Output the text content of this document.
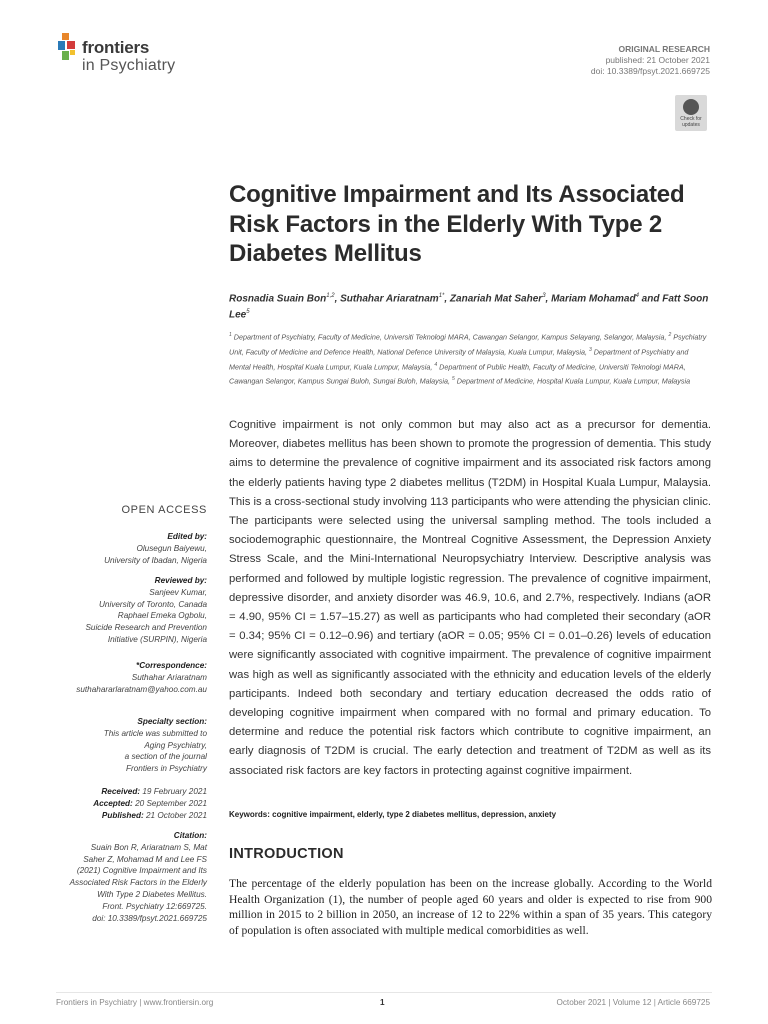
frontiers
in Psychiatry
ORIGINAL RESEARCH
published: 21 October 2021
doi: 10.3389/fpsyt.2021.669725
Check for updates
Cognitive Impairment and Its Associated Risk Factors in the Elderly With Type 2 Diabetes Mellitus
Rosnadia Suain Bon$^{1,2}$, Suthahar Ariaratnam$^{1*}$, Zanariah Mat Saher$^3$, Mariam Mohamad$^4$ and Fatt Soon Lee$^5$
$^1$ Department of Psychiatry, Faculty of Medicine, Universiti Teknologi MARA, Cawangan Selangor, Kampus Selayang, Selangor, Malaysia, $^2$ Psychiatry Unit, Faculty of Medicine and Defence Health, National Defence University of Malaysia, Kuala Lumpur, Malaysia, $^3$ Department of Psychiatry and Mental Health, Hospital Kuala Lumpur, Kuala Lumpur, Malaysia, $^4$ Department of Public Health, Faculty of Medicine, Universiti Teknologi MARA, Cawangan Selangor, Kampus Sungai Buloh, Sungai Buloh, Malaysia, $^5$ Department of Medicine, Hospital Kuala Lumpur, Kuala Lumpur, Malaysia
Cognitive impairment is not only common but may also act as a precursor for dementia. Moreover, diabetes mellitus has been shown to promote the progression of dementia. This study aims to determine the prevalence of cognitive impairment and its associated risk factors among the elderly patients having type 2 diabetes mellitus (T2DM) in Hospital Kuala Lumpur, Malaysia. This is a cross-sectional study involving 113 participants who were attending the physician clinic. The participants were selected using the universal sampling method. The tools included a sociodemographic questionnaire, the Montreal Cognitive Assessment, the Depression Anxiety Stress Scale, and the Mini-International Neuropsychiatry Interview. Descriptive analysis was performed and followed by multiple logistic regression. The prevalence of cognitive impairment, depressive disorder, and anxiety disorder was 46.9, 10.6, and 2.7%, respectively. Indians (aOR = 4.90, 95% CI = 1.57–15.27) as well as participants who had completed their secondary (aOR = 0.34; 95% CI = 0.12–0.96) and tertiary (aOR = 0.05; 95% CI = 0.01–0.26) levels of education were significantly associated with cognitive impairment. The prevalence of cognitive impairment was high as well as significantly associated with the ethnicity and education levels of the elderly participants. Indeed both secondary and tertiary education decreased the odds ratio of developing cognitive impairment when compared with no formal and primary education. To determine and reduce the potential risk factors which contribute to cognitive impairment, an early diagnosis of T2DM is crucial. The early detection and treatment of T2DM as well as its associated risk factors are key factors in protecting against cognitive impairment.
Keywords: cognitive impairment, elderly, type 2 diabetes mellitus, depression, anxiety
INTRODUCTION
The percentage of the elderly population has been on the increase globally. According to the World Health Organization (1), the number of people aged 60 years and older is expected to rise from 900 million in 2015 to 2 billion in 2050, an increase of 12 to 22% within a span of 35 years. This category of population is often associated with multiple medical comorbidities as well.
OPEN ACCESS
Edited by:
Olusegun Baiyewu,
University of Ibadan, Nigeria
Reviewed by:
Sanjeev Kumar,
University of Toronto, Canada
Raphael Emeka Ogbolu,
Suicide Research and Prevention
Initiative (SURPIN), Nigeria
*Correspondence:
Suthahar Ariaratnam
suthahararlaratnam@yahoo.com.au
Specialty section:
This article was submitted to
Aging Psychiatry,
a section of the journal
Frontiers in Psychiatry
Received: 19 February 2021
Accepted: 20 September 2021
Published: 21 October 2021
Citation:
Suain Bon R, Ariaratnam S, Mat
Saher Z, Mohamad M and Lee FS
(2021) Cognitive Impairment and Its
Associated Risk Factors in the Elderly
With Type 2 Diabetes Mellitus.
Front. Psychiatry 12:669725.
doi: 10.3389/fpsyt.2021.669725
Frontiers in Psychiatry | www.frontiersin.org	1	October 2021 | Volume 12 | Article 669725
